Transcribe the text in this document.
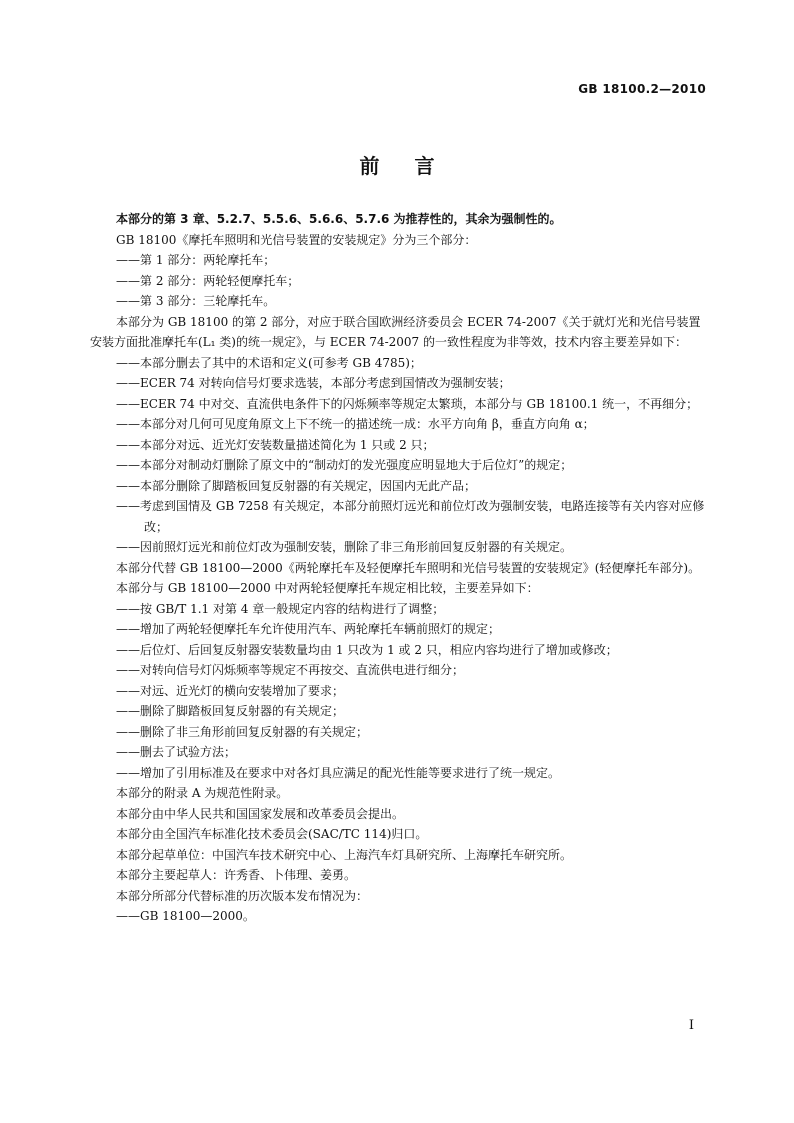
GB 18100.2—2010
前 言

本部分的第 3 章、5.2.7、5.5.6、5.6.6、5.7.6 为推荐性的，其余为强制性的。

GB 18100《摩托车照明和光信号装置的安装规定》分为三个部分：

——第 1 部分：两轮摩托车；

——第 2 部分：两轮轻便摩托车；

——第 3 部分：三轮摩托车。

本部分为 GB 18100 的第 2 部分，对应于联合国欧洲经济委员会 ECER 74-2007《关于就灯光和光信号装置安装方面批准摩托车(L₁ 类)的统一规定》，与 ECER 74-2007 的一致性程度为非等效，技术内容主要差异如下：

——本部分删去了其中的术语和定义(可参考 GB 4785)；

——ECER 74 对转向信号灯要求选装，本部分考虑到国情改为强制安装；

——ECER 74 中对交、直流供电条件下的闪烁频率等规定太繁琐，本部分与 GB 18100.1 统一，不再细分；

——本部分对几何可见度角原文上下不统一的描述统一成：水平方向角 β，垂直方向角 α；

——本部分对远、近光灯安装数量描述简化为 1 只或 2 只；

——本部分对制动灯删除了原文中的“制动灯的发光强度应明显地大于后位灯”的规定；

——本部分删除了脚踏板回复反射器的有关规定，因国内无此产品；

——考虑到国情及 GB 7258 有关规定，本部分前照灯远光和前位灯改为强制安装，电路连接等有关内容对应修改；

——因前照灯远光和前位灯改为强制安装，删除了非三角形前回复反射器的有关规定。

本部分代替 GB 18100—2000《两轮摩托车及轻便摩托车照明和光信号装置的安装规定》(轻便摩托车部分)。

本部分与 GB 18100—2000 中对两轮轻便摩托车规定相比较，主要差异如下：

——按 GB/T 1.1 对第 4 章一般规定内容的结构进行了调整；

——增加了两轮轻便摩托车允许使用汽车、两轮摩托车辆前照灯的规定；

——后位灯、后回复反射器安装数量均由 1 只改为 1 或 2 只，相应内容均进行了增加或修改；

——对转向信号灯闪烁频率等规定不再按交、直流供电进行细分；

——对远、近光灯的横向安装增加了要求；

——删除了脚踏板回复反射器的有关规定；

——删除了非三角形前回复反射器的有关规定；

——删去了试验方法；

——增加了引用标准及在要求中对各灯具应满足的配光性能等要求进行了统一规定。

本部分的附录 A 为规范性附录。

本部分由中华人民共和国国家发展和改革委员会提出。

本部分由全国汽车标准化技术委员会(SAC/TC 114)归口。

本部分起草单位：中国汽车技术研究中心、上海汽车灯具研究所、上海摩托车研究所。

本部分主要起草人：许秀香、卜伟理、姜勇。

本部分所部分代替标准的历次版本发布情况为：

——GB 18100—2000。

I
